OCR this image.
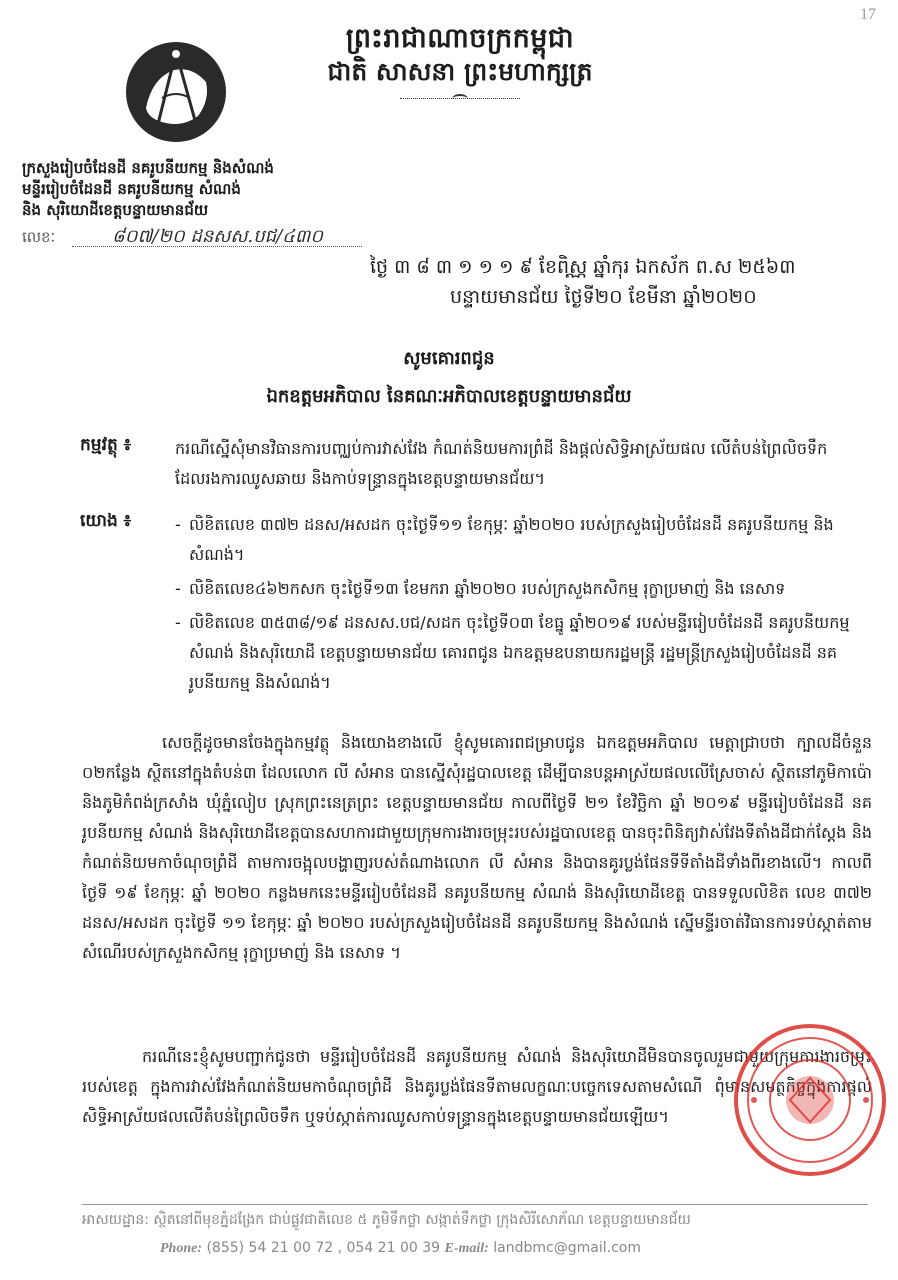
17
ព្រះរាជាណាចក្រកម្ពុជា
ជាតិ សាសនា ព្រះមហាក្សត្រ
ក្រសួងរៀបចំដែនដី នគរូបនីយកម្ម និងសំណង់
មន្ទីររៀបចំដែនដី នគរូបនីយកម្ម សំណង់
និង សុរិយោដីខេត្តបន្ទាយមានជ័យ
លេខៈ	៨០៧/២០ ដនសស.បជ/៤៣០
ថ្ងៃ ៣ ៨ ៣ ១ ១ ១ ៩ ខែពិស្ណ ឆ្នាំកុរ ឯកស័ក ព.ស ២៥៦៣
បន្ទាយមានជ័យ ថ្ងៃទី២០ ខែមីនា ឆ្នាំ២០២០
សូមគោរពជូន
ឯកឧត្តមអភិបាល នៃគណៈអភិបាលខេត្តបន្ទាយមានជ័យ
កម្មវត្ថុ ៖	ករណីស្នើសុំមានវិធានការបញ្ឈប់ការវាស់វែង កំណត់និយមការព្រំដី និងផ្តល់សិទ្ធិអាស្រ័យផល លើតំបន់ព្រៃលិចទឹក ដែលរងការឈូសឆាយ និងកាប់ទន្ទ្រានក្នុងខេត្តបន្ទាយមានជ័យ។
យោង ៖
-	លិខិតលេខ ៣៧២ ដនស/អសដក ចុះថ្ងៃទី១១ ខែកុម្ភៈ ឆ្នាំ២០២០ របស់ក្រសួងរៀបចំដែនដី នគរូបនីយកម្ម និងសំណង់។
- លិខិតលេខ៤៦២កសក ចុះថ្ងៃទី១៣ ខែមករា ឆ្នាំ២០២០ របស់ក្រសួងកសិកម្ម រុក្ខាប្រមាញ់ និង នេសាទ
- លិខិតលេខ ៣៥៣៨/១៩ ដនសស.បជ/សដក ចុះថ្ងៃទី០៣ ខែធ្នូ ឆ្នាំ២០១៩ របស់មន្ទីររៀបចំដែនដី នគរូបនីយកម្ម សំណង់ និងសុរិយោដី ខេត្តបន្ទាយមានជ័យ គោរពជូន ឯកឧត្តមឧបនាយករដ្ឋមន្ត្រី រដ្ឋមន្ត្រីក្រសួងរៀបចំដែនដី នគរូបនីយកម្ម និងសំណង់។
សេចក្តីដូចមានចែងក្នុងកម្មវត្ថុ និងយោងខាងលើ ខ្ញុំសូមគោរពជម្រាបជូន ឯកឧត្តមអភិបាល មេត្តាជ្រាបថា ក្បាលដីចំនួន ០២កន្លែង ស្ថិតនៅក្នុងតំបន់៣ ដែលលោក លី សំអាន បានស្នើសុំរដ្ឋបាលខេត្ត ដើម្បីបានបន្តអាស្រ័យផលលើស្រែចាស់ ស្ថិតនៅភូមិកាប៉ោ និងភូមិកំពង់ក្រសាំង ឃុំភ្នំលៀប ស្រុកព្រះនេត្រព្រះ ខេត្តបន្ទាយមានជ័យ កាលពីថ្ងៃទី ២១ ខែវិច្ឆិកា ឆ្នាំ ២០១៩ មន្ទីររៀបចំដែនដី នគរូបនីយកម្ម សំណង់ និងសុរិយោដីខេត្តបានសហការជាមួយក្រុមការងារចម្រុះរបស់រដ្ឋបាលខេត្ត បានចុះពិនិត្យវាស់វែងទីតាំងដីជាក់ស្តែង និងកំណត់និយមកាចំណុចព្រំដី តាមការចង្អុលបង្ហាញរបស់តំណាងលោក លី សំអាន និងបានគូរប្លង់ផែនទីទីតាំងដីទាំងពីរខាងលើ។ កាលពីថ្ងៃទី ១៩ ខែកុម្ភៈ ឆ្នាំ ២០២០ កន្លងមកនេះមន្ទីររៀបចំដែនដី នគរូបនីយកម្ម សំណង់ និងសុរិយោដីខេត្ត បានទទួលលិខិត លេខ ៣៧២ ដនស/អសដក ចុះថ្ងៃទី ១១ ខែកុម្ភៈ ឆ្នាំ ២០២០ របស់ក្រសួងរៀបចំដែនដី នគរូបនីយកម្ម និងសំណង់ ស្នើមន្ទីរចាត់វិធានការទប់ស្កាត់តាមសំណើរបស់ក្រសួងកសិកម្ម រុក្ខាប្រមាញ់ និង នេសាទ ។
ករណីនេះខ្ញុំសូមបញ្ជាក់ជូនថា មន្ទីររៀបចំដែនដី នគរូបនីយកម្ម សំណង់ និងសុរិយោដីមិនបានចូលរួមជាមួយក្រុមការងារចម្រុះរបស់ខេត្ត ក្នុងការវាស់វែងកំណត់និយមកាចំណុចព្រំដី និងគូរប្លង់ផែនទីតាមលក្ខណៈបច្ចេកទេសតាមសំណើ ពុំមានសមត្ថកិច្ចក្នុងការផ្តល់សិទ្ធិអាស្រ័យផលលើតំបន់ព្រៃលិចទឹក ឬទប់ស្កាត់ការឈូសកាប់ទន្ទ្រានក្នុងខេត្តបន្ទាយមានជ័យឡើយ។
អាសយដ្ឋាន: ស្ថិតនៅពីមុខភ្នំដង្រែក ជាប់ផ្លូវជាតិលេខ ៥ ភូមិទឹកថ្លា សង្កាត់ទឹកថ្លា ក្រុងសិរីសោភ័ណ ខេត្តបន្ទាយមានជ័យ
Phone: (855) 54 21 00 72 , 054 21 00 39 E-mail: landbmc@gmail.com
